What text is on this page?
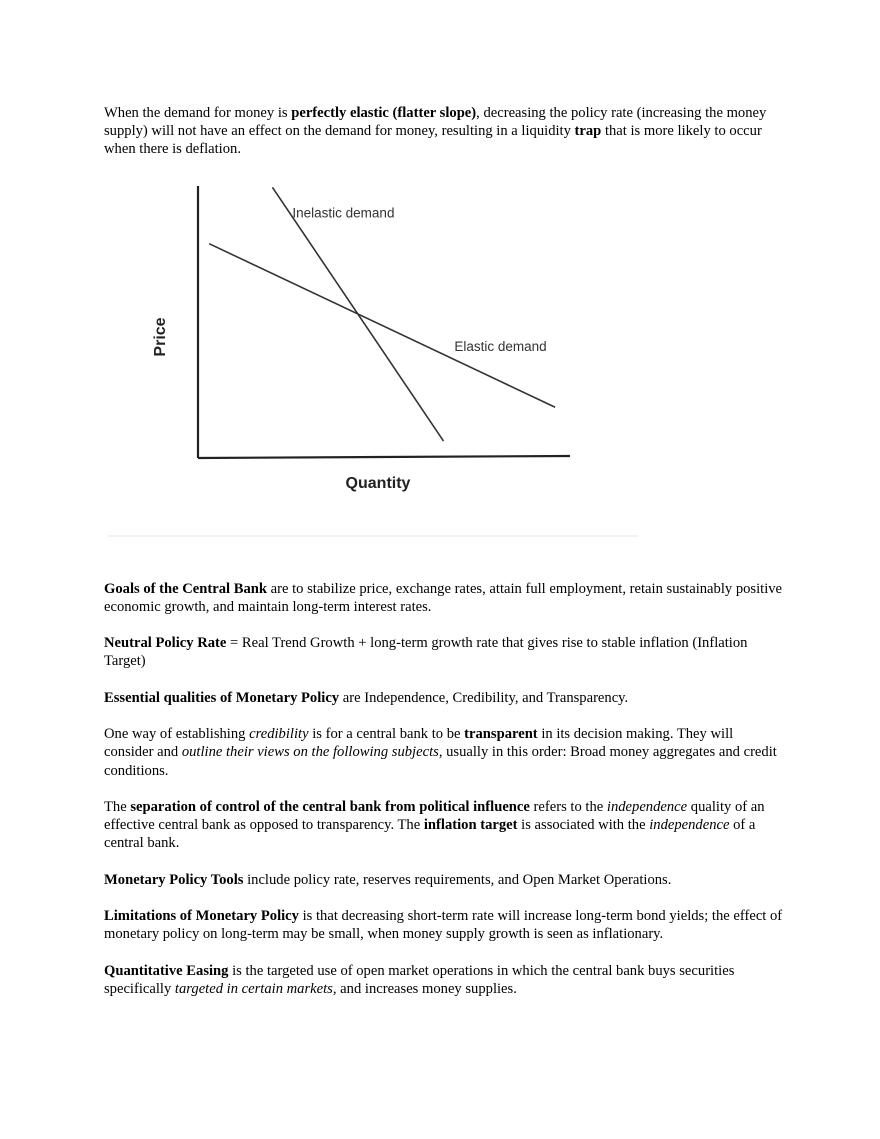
When the demand for money is perfectly elastic (flatter slope), decreasing the policy rate (increasing the money supply) will not have an effect on the demand for money, resulting in a liquidity trap that is more likely to occur when there is deflation.

Inelastic demand
Elastic demand
Price
Quantity

Goals of the Central Bank are to stabilize price, exchange rates, attain full employment, retain sustainably positive economic growth, and maintain long-term interest rates.

Neutral Policy Rate = Real Trend Growth + long-term growth rate that gives rise to stable inflation (Inflation Target)

Essential qualities of Monetary Policy are Independence, Credibility, and Transparency.

One way of establishing credibility is for a central bank to be transparent in its decision making. They will consider and outline their views on the following subjects, usually in this order: Broad money aggregates and credit conditions.

The separation of control of the central bank from political influence refers to the independence quality of an effective central bank as opposed to transparency. The inflation target is associated with the independence of a central bank.

Monetary Policy Tools include policy rate, reserves requirements, and Open Market Operations.

Limitations of Monetary Policy is that decreasing short-term rate will increase long-term bond yields; the effect of monetary policy on long-term may be small, when money supply growth is seen as inflationary.

Quantitative Easing is the targeted use of open market operations in which the central bank buys securities specifically targeted in certain markets, and increases money supplies.
